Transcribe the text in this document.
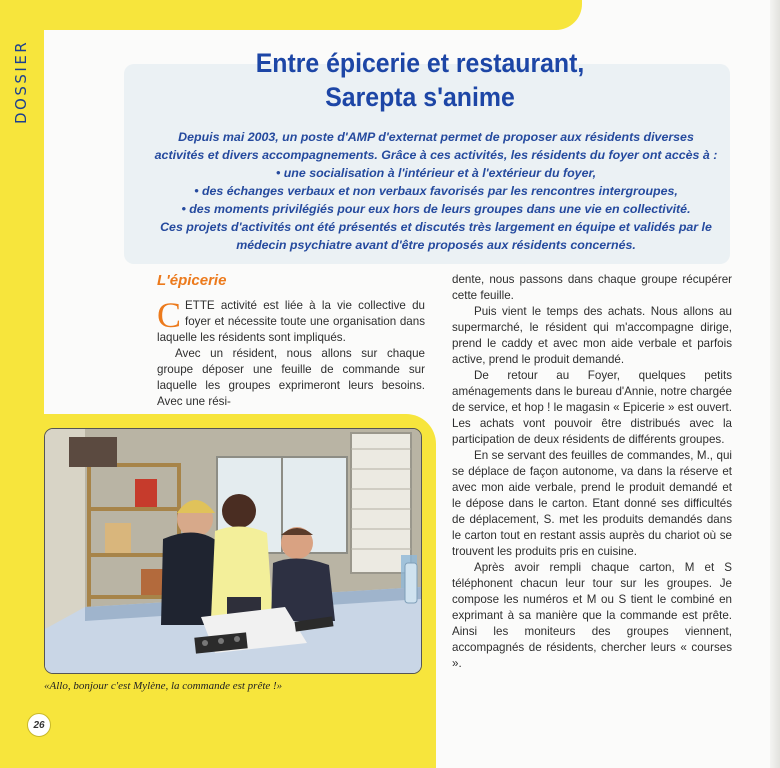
DOSSIER	Entre épicerie et restaurant,
Sarepta s'anime
Depuis mai 2003, un poste d'AMP d'externat permet de proposer aux résidents diverses
activités et divers accompagnements. Grâce à ces activités, les résidents du foyer ont accès à :
• une socialisation à l'intérieur et à l'extérieur du foyer,
• des échanges verbaux et non verbaux favorisés par les rencontres intergroupes,
• des moments privilégiés pour eux hors de leurs groupes dans une vie en collectivité.
Ces projets d'activités ont été présentés et discutés très largement en équipe et validés par le
médecin psychiatre avant d'être proposés aux résidents concernés.
L'épicerie

CETTE activité est liée à la vie collective du foyer et nécessite toute une organisation dans laquelle les résidents sont impliqués.

Avec un résident, nous allons sur chaque groupe déposer une feuille de commande sur laquelle les groupes exprimeront leurs besoins. Avec une rési-

dente, nous passons dans chaque groupe récupérer cette feuille.

Puis vient le temps des achats. Nous allons au supermarché, le résident qui m'accompagne dirige, prend le caddy et avec mon aide verbale et parfois active, prend le produit demandé.

De retour au Foyer, quelques petits aménagements dans le bureau d'Annie, notre chargée de service, et hop ! le magasin « Epicerie » est ouvert. Les achats vont pouvoir être distribués avec la participation de deux résidents de différents groupes.

En se servant des feuilles de commandes, M., qui se déplace de façon autonome, va dans la réserve et avec mon aide verbale, prend le produit demandé et le dépose dans le carton. Etant donné ses difficultés de déplacement, S. met les produits demandés dans le carton tout en restant assis auprès du chariot où se trouvent les produits pris en cuisine.

Après avoir rempli chaque carton, M et S téléphonent chacun leur tour sur les groupes. Je compose les numéros et M ou S tient le combiné en exprimant à sa manière que la commande est prête. Ainsi les moniteurs des groupes viennent, accompagnés de résidents, chercher leurs « courses ».

«Allo, bonjour c'est Mylène, la commande est prête !»
26
